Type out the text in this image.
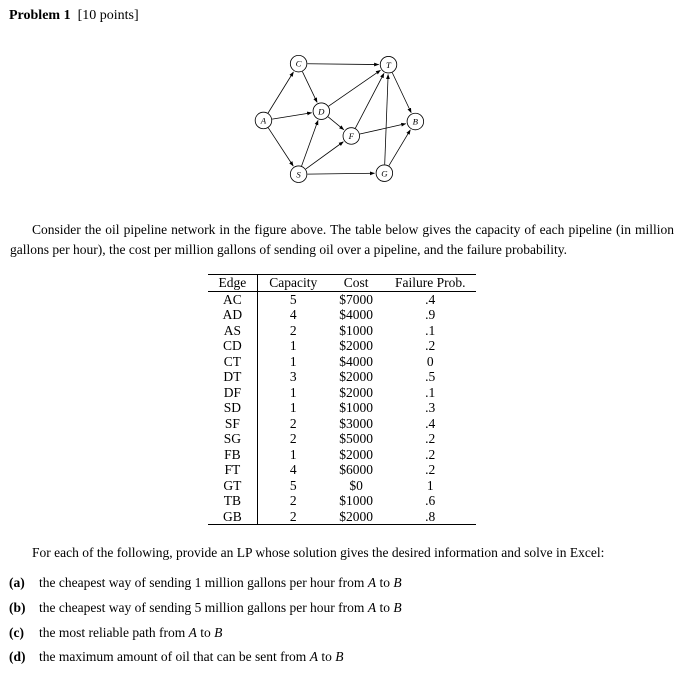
Problem 1 [10 points]
A
C
D
S
F
T
G
B

Consider the oil pipeline network in the figure above. The table below gives the capacity of each pipeline (in million gallons per hour), the cost per million gallons of sending oil over a pipeline, and the failure probability.

Edge	Capacity	Cost	Failure Prob.
AC	5	$7000	.4
AD	4	$4000	.9
AS	2	$1000	.1
CD	1	$2000	.2
CT	1	$4000	0
DT	3	$2000	.5
DF	1	$2000	.1
SD	1	$1000	.3
SF	2	$3000	.4
SG	2	$5000	.2
FB	1	$2000	.2
FT	4	$6000	.2
GT	5	$0	1
TB	2	$1000	.6
GB	2	$2000	.8

For each of the following, provide an LP whose solution gives the desired information and solve in Excel:

(a)	the cheapest way of sending 1 million gallons per hour from A to B
(b)	the cheapest way of sending 5 million gallons per hour from A to B
(c)	the most reliable path from A to B
(d)	the maximum amount of oil that can be sent from A to B
